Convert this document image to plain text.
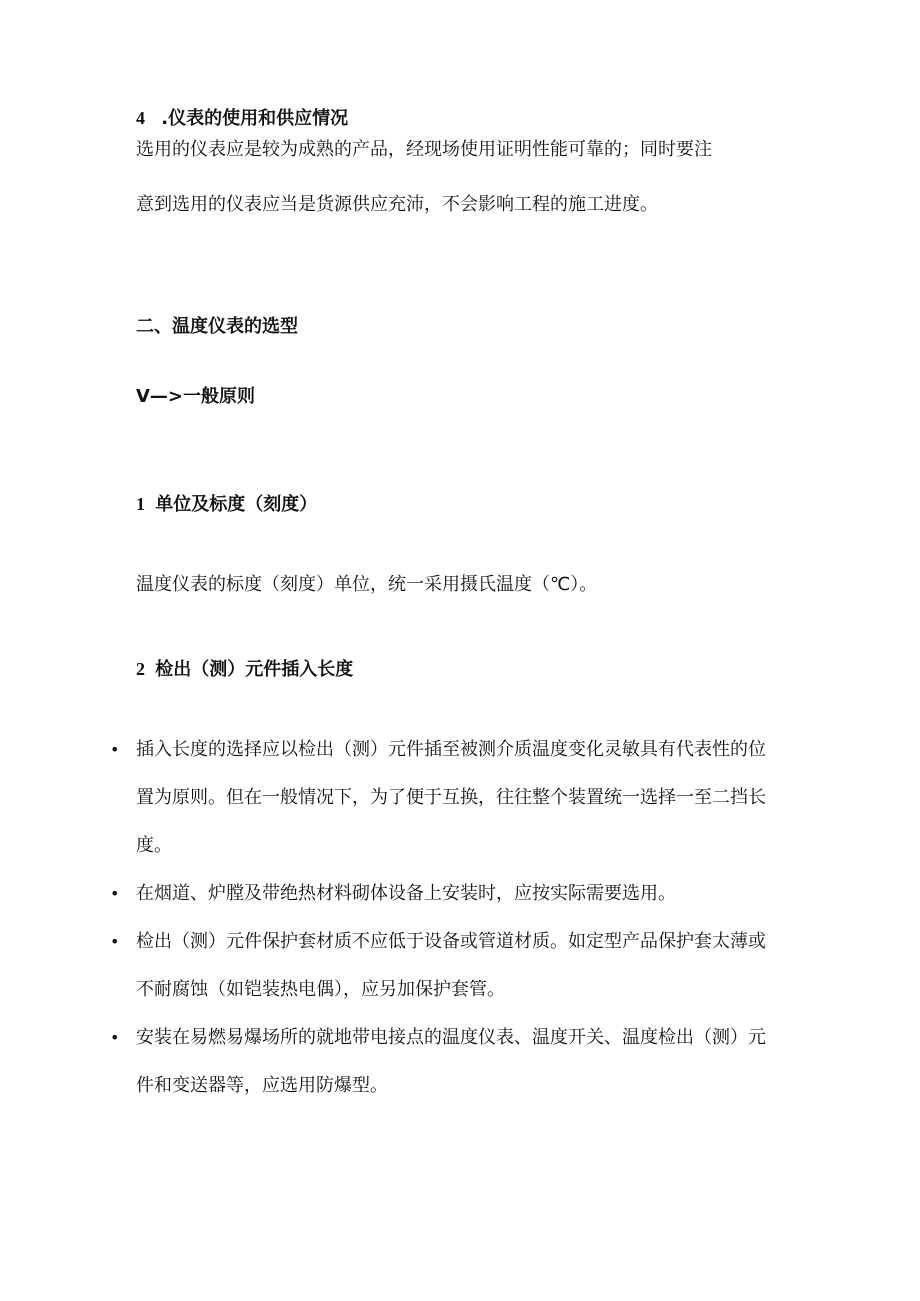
4 .仪表的使用和供应情况
选用的仪表应是较为成熟的产品，经现场使用证明性能可靠的；同时要注
意到选用的仪表应当是货源供应充沛，不会影响工程的施工进度。
二、温度仪表的选型
V—>一般原则
1 单位及标度（刻度）
温度仪表的标度（刻度）单位，统一采用摄氏温度（℃）。
2 检出（测）元件插入长度
• 插入长度的选择应以检出（测）元件插至被测介质温度变化灵敏具有代表性的位
置为原则。但在一般情况下，为了便于互换，往往整个装置统一选择一至二挡长
度。
• 在烟道、炉膛及带绝热材料砌体设备上安装时，应按实际需要选用。
• 检出（测）元件保护套材质不应低于设备或管道材质。如定型产品保护套太薄或
不耐腐蚀（如铠装热电偶），应另加保护套管。
• 安装在易燃易爆场所的就地带电接点的温度仪表、温度开关、温度检出（测）元
件和变送器等，应选用防爆型。
